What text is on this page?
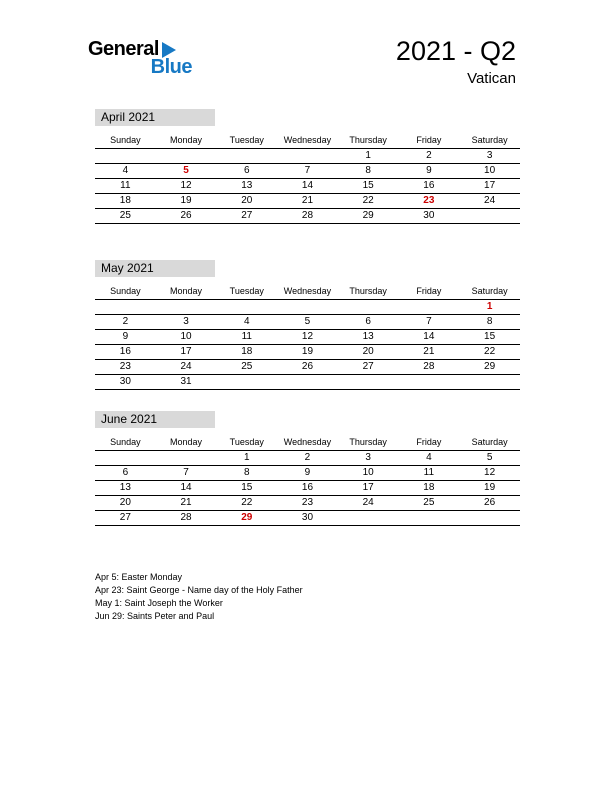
General
Blue
2021 - Q2
Vatican
April 2021
Sunday	Monday	Tuesday	Wednesday	Thursday	Friday	Saturday
				1	2	3
4	5	6	7	8	9	10
11	12	13	14	15	16	17
18	19	20	21	22	23	24
25	26	27	28	29	30	
May 2021
Sunday	Monday	Tuesday	Wednesday	Thursday	Friday	Saturday
						1
2	3	4	5	6	7	8
9	10	11	12	13	14	15
16	17	18	19	20	21	22
23	24	25	26	27	28	29
30	31					
June 2021
Sunday	Monday	Tuesday	Wednesday	Thursday	Friday	Saturday
		1	2	3	4	5
6	7	8	9	10	11	12
13	14	15	16	17	18	19
20	21	22	23	24	25	26
27	28	29	30			
Apr 5: Easter Monday
Apr 23: Saint George - Name day of the Holy Father
May 1: Saint Joseph the Worker
Jun 29: Saints Peter and Paul
